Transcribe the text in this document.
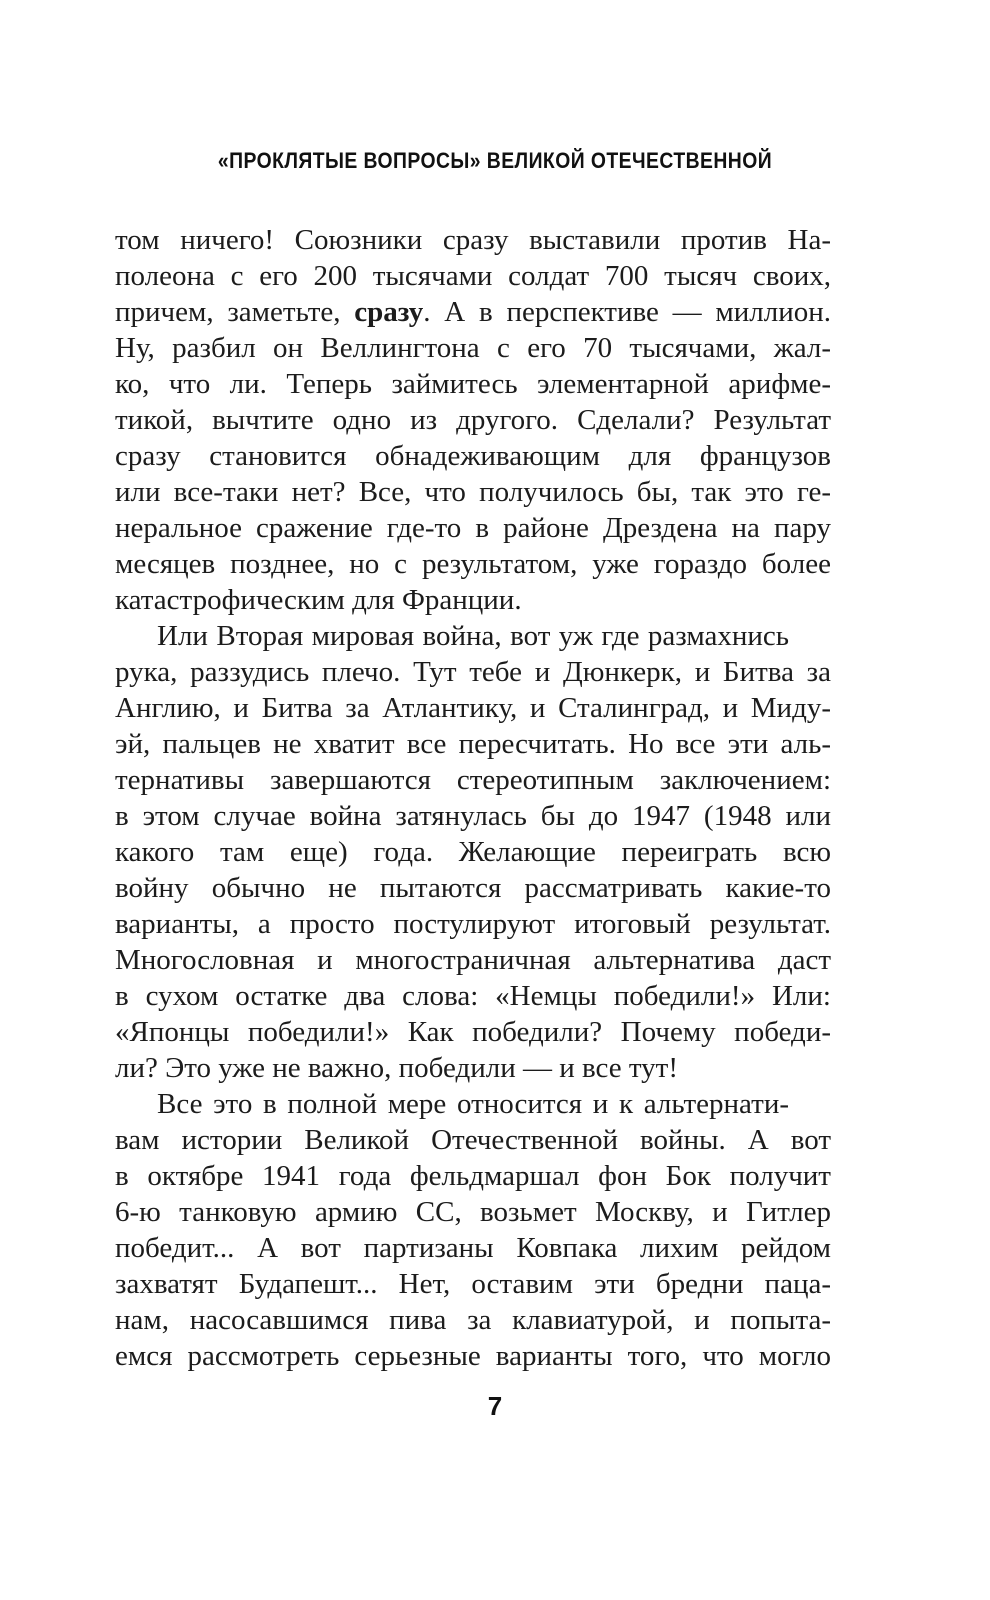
«ПРОКЛЯТЫЕ ВОПРОСЫ» ВЕЛИКОЙ ОТЕЧЕСТВЕННОЙ
том ничего! Союзники сразу выставили против На-
полеона с его 200 тысячами солдат 700 тысяч своих,
причем, заметьте, сразу. А в перспективе — миллион.
Ну, разбил он Веллингтона с его 70 тысячами, жал-
ко, что ли. Теперь займитесь элементарной арифме-
тикой, вычтите одно из другого. Сделали? Результат
сразу становится обнадеживающим для французов
или все-таки нет? Все, что получилось бы, так это ге-
неральное сражение где-то в районе Дрездена на пару
месяцев позднее, но с результатом, уже гораздо более
катастрофическим для Франции.
Или Вторая мировая война, вот уж где размахнись
рука, раззудись плечо. Тут тебе и Дюнкерк, и Битва за
Англию, и Битва за Атлантику, и Сталинград, и Миду-
эй, пальцев не хватит все пересчитать. Но все эти аль-
тернативы завершаются стереотипным заключением:
в этом случае война затянулась бы до 1947 (1948 или
какого там еще) года. Желающие переиграть всю
войну обычно не пытаются рассматривать какие-то
варианты, а просто постулируют итоговый результат.
Многословная и многостраничная альтернатива даст
в сухом остатке два слова: «Немцы победили!» Или:
«Японцы победили!» Как победили? Почему победи-
ли? Это уже не важно, победили — и все тут!
Все это в полной мере относится и к альтернати-
вам истории Великой Отечественной войны. А вот
в октябре 1941 года фельдмаршал фон Бок получит
6-ю танковую армию СС, возьмет Москву, и Гитлер
победит... А вот партизаны Ковпака лихим рейдом
захватят Будапешт... Нет, оставим эти бредни паца-
нам, насосавшимся пива за клавиатурой, и попыта-
емся рассмотреть серьезные варианты того, что могло
7
